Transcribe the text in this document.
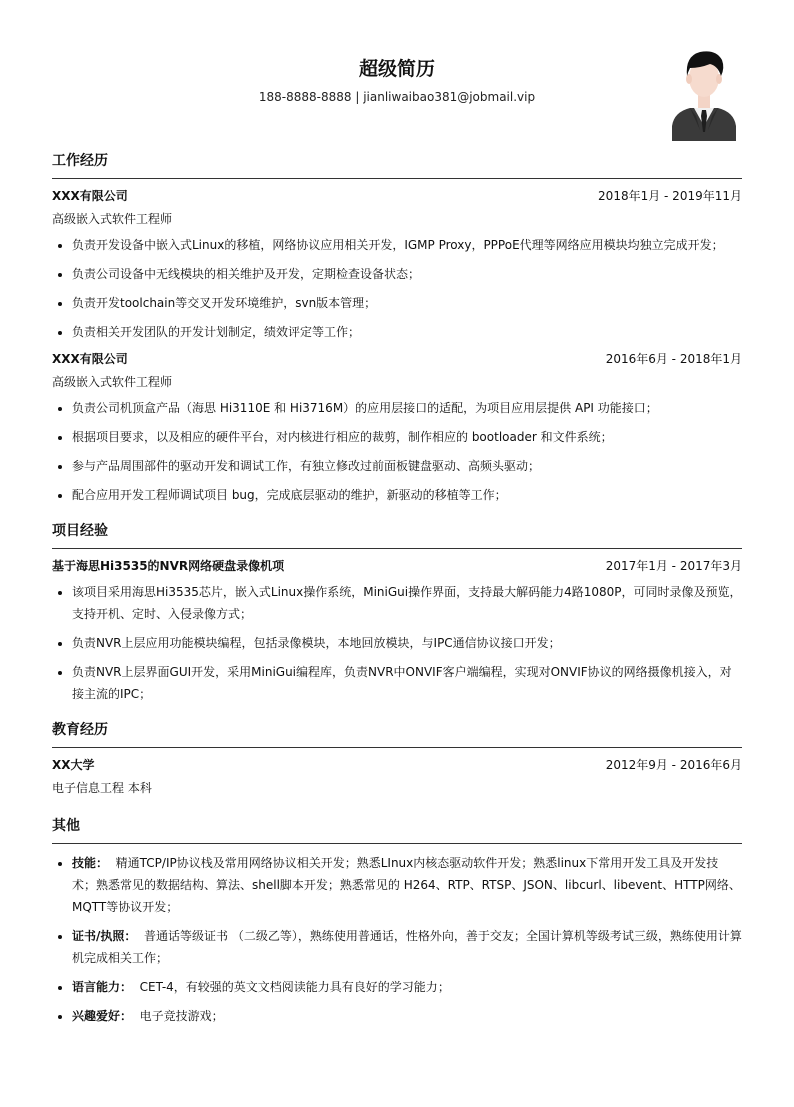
超级简历
188-8888-8888 | jianliwaibao381@jobmail.vip
工作经历
XXX有限公司	2018年1月 - 2019年11月
高级嵌入式软件工程师
• 负责开发设备中嵌入式Linux的移植，网络协议应用相关开发，IGMP Proxy，PPPoE代理等网络应用模块均独立完成开发；
• 负责公司设备中无线模块的相关维护及开发，定期检查设备状态；
• 负责开发toolchain等交叉开发环境维护，svn版本管理；
• 负责相关开发团队的开发计划制定，绩效评定等工作；
XXX有限公司	2016年6月 - 2018年1月
高级嵌入式软件工程师
• 负责公司机顶盒产品（海思 Hi3110E 和 Hi3716M）的应用层接口的适配，为项目应用层提供 API 功能接口；
• 根据项目要求，以及相应的硬件平台，对内核进行相应的裁剪，制作相应的 bootloader 和文件系统；
• 参与产品周围部件的驱动开发和调试工作，有独立修改过前面板键盘驱动、高频头驱动；
• 配合应用开发工程师调试项目 bug，完成底层驱动的维护，新驱动的移植等工作；
项目经验
基于海思Hi3535的NVR网络硬盘录像机项	2017年1月 - 2017年3月
• 该项目采用海思Hi3535芯片，嵌入式Linux操作系统，MiniGui操作界面，支持最大解码能力4路1080P，可同时录像及预览，支持开机、定时、入侵录像方式；
• 负责NVR上层应用功能模块编程，包括录像模块，本地回放模块，与IPC通信协议接口开发；
• 负责NVR上层界面GUI开发，采用MiniGui编程库，负责NVR中ONVIF客户端编程，实现对ONVIF协议的网络摄像机接入，对接主流的IPC；
教育经历
XX大学	2012年9月 - 2016年6月
电子信息工程 本科
其他
• 技能： 精通TCP/IP协议栈及常用网络协议相关开发；熟悉LInux内核态驱动软件开发；熟悉linux下常用开发工具及开发技术；熟悉常见的数据结构、算法、shell脚本开发；熟悉常见的 H264、RTP、RTSP、JSON、libcurl、libevent、HTTP网络、MQTT等协议开发；
• 证书/执照： 普通话等级证书 （二级乙等），熟练使用普通话，性格外向，善于交友；全国计算机等级考试三级，熟练使用计算机完成相关工作；
• 语言能力： CET-4，有较强的英文文档阅读能力具有良好的学习能力；
• 兴趣爱好： 电子竞技游戏；
